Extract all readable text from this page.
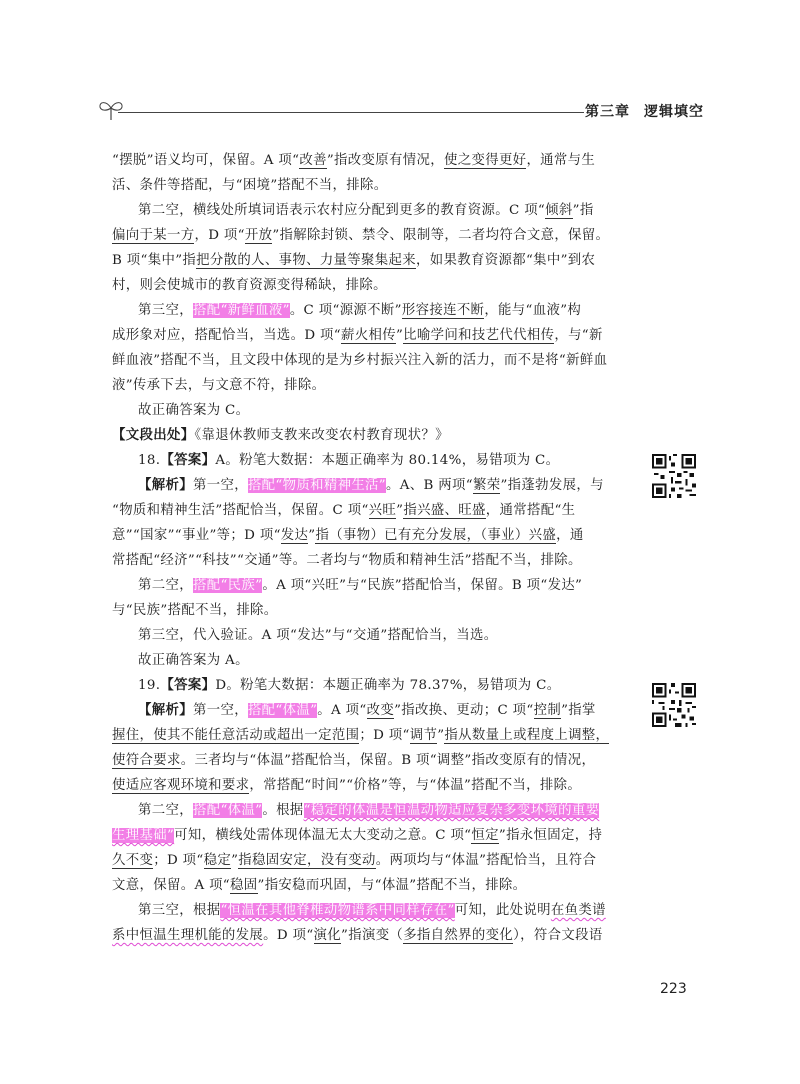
第三章 逻辑填空
“摆脱”语义均可，保留。A 项“改善”指改变原有情况，使之变得更好，通常与生
活、条件等搭配，与“困境”搭配不当，排除。
第二空，横线处所填词语表示农村应分配到更多的教育资源。C 项“倾斜”指
偏向于某一方，D 项“开放”指解除封锁、禁令、限制等，二者均符合文意，保留。
B 项“集中”指把分散的人、事物、力量等聚集起来，如果教育资源都“集中”到农
村，则会使城市的教育资源变得稀缺，排除。
第三空，搭配“新鲜血液”。C 项“源源不断”形容接连不断，能与“血液”构
成形象对应，搭配恰当，当选。D 项“薪火相传”比喻学问和技艺代代相传，与“新
鲜血液”搭配不当，且文段中体现的是为乡村振兴注入新的活力，而不是将“新鲜血
液”传承下去，与文意不符，排除。
故正确答案为 C。
【文段出处】《靠退休教师支教来改变农村教育现状？》
18.【答案】A。粉笔大数据：本题正确率为 80.14%，易错项为 C。
【解析】第一空，搭配“物质和精神生活”。A、B 两项“繁荣”指蓬勃发展，与
“物质和精神生活”搭配恰当，保留。C 项“兴旺”指兴盛、旺盛，通常搭配“生
意”“国家”“事业”等；D 项“发达”指（事物）已有充分发展，（事业）兴盛，通
常搭配“经济”“科技”“交通”等。二者均与“物质和精神生活”搭配不当，排除。
第二空，搭配“民族”。A 项“兴旺”与“民族”搭配恰当，保留。B 项“发达”
与“民族”搭配不当，排除。
第三空，代入验证。A 项“发达”与“交通”搭配恰当，当选。
故正确答案为 A。
19.【答案】D。粉笔大数据：本题正确率为 78.37%，易错项为 C。
【解析】第一空，搭配“体温”。A 项“改变”指改换、更动；C 项“控制”指掌
握住，使其不能任意活动或超出一定范围；D 项“调节”指从数量上或程度上调整，
使符合要求。三者均与“体温”搭配恰当，保留。B 项“调整”指改变原有的情况，
使适应客观环境和要求，常搭配“时间”“价格”等，与“体温”搭配不当，排除。
第二空，搭配“体温”。根据“稳定的体温是恒温动物适应复杂多变环境的重要
生理基础”可知，横线处需体现体温无太大变动之意。C 项“恒定”指永恒固定，持
久不变；D 项“稳定”指稳固安定，没有变动。两项均与“体温”搭配恰当，且符合
文意，保留。A 项“稳固”指安稳而巩固，与“体温”搭配不当，排除。
第三空，根据“恒温在其他脊椎动物谱系中同样存在”可知，此处说明在鱼类谱
系中恒温生理机能的发展。D 项“演化”指演变（多指自然界的变化），符合文段语
223
